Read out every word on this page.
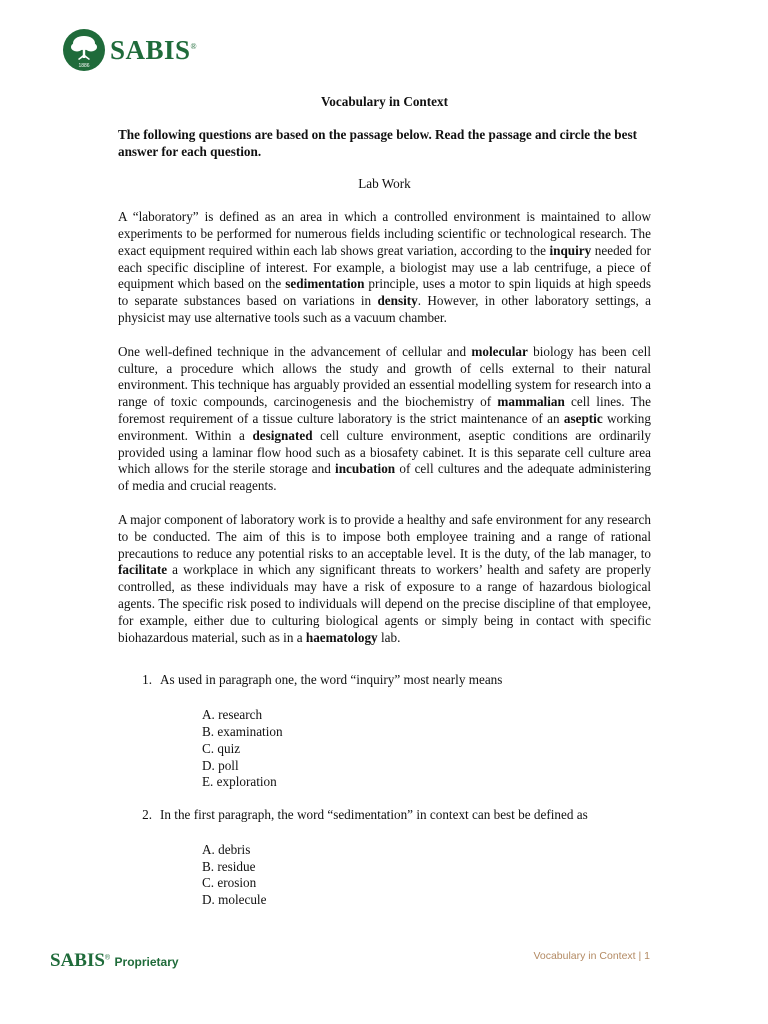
1886
SABIS®
Vocabulary in Context
The following questions are based on the passage below. Read the passage and circle the best answer for each question.
Lab Work

A “laboratory” is defined as an area in which a controlled environment is maintained to allow experiments to be performed for numerous fields including scientific or technological research. The exact equipment required within each lab shows great variation, according to the inquiry needed for each specific discipline of interest. For example, a biologist may use a lab centrifuge, a piece of equipment which based on the sedimentation principle, uses a motor to spin liquids at high speeds to separate substances based on variations in density. However, in other laboratory settings, a physicist may use alternative tools such as a vacuum chamber.

One well-defined technique in the advancement of cellular and molecular biology has been cell culture, a procedure which allows the study and growth of cells external to their natural environment. This technique has arguably provided an essential modelling system for research into a range of toxic compounds, carcinogenesis and the biochemistry of mammalian cell lines. The foremost requirement of a tissue culture laboratory is the strict maintenance of an aseptic working environment. Within a designated cell culture environment, aseptic conditions are ordinarily provided using a laminar flow hood such as a biosafety cabinet. It is this separate cell culture area which allows for the sterile storage and incubation of cell cultures and the adequate administering of media and crucial reagents.

A major component of laboratory work is to provide a healthy and safe environment for any research to be conducted. The aim of this is to impose both employee training and a range of rational precautions to reduce any potential risks to an acceptable level. It is the duty, of the lab manager, to facilitate a workplace in which any significant threats to workers’ health and safety are properly controlled, as these individuals may have a risk of exposure to a range of hazardous biological agents. The specific risk posed to individuals will depend on the precise discipline of that employee, for example, either due to culturing biological agents or simply being in contact with specific biohazardous material, such as in a haematology lab.

1. As used in paragraph one, the word “inquiry” most nearly means
A. research
B. examination
C. quiz
D. poll
E. exploration
2. In the first paragraph, the word “sedimentation” in context can best be defined as
A. debris
B. residue
C. erosion
D. molecule
SABIS® Proprietary	Vocabulary in Context | 1
